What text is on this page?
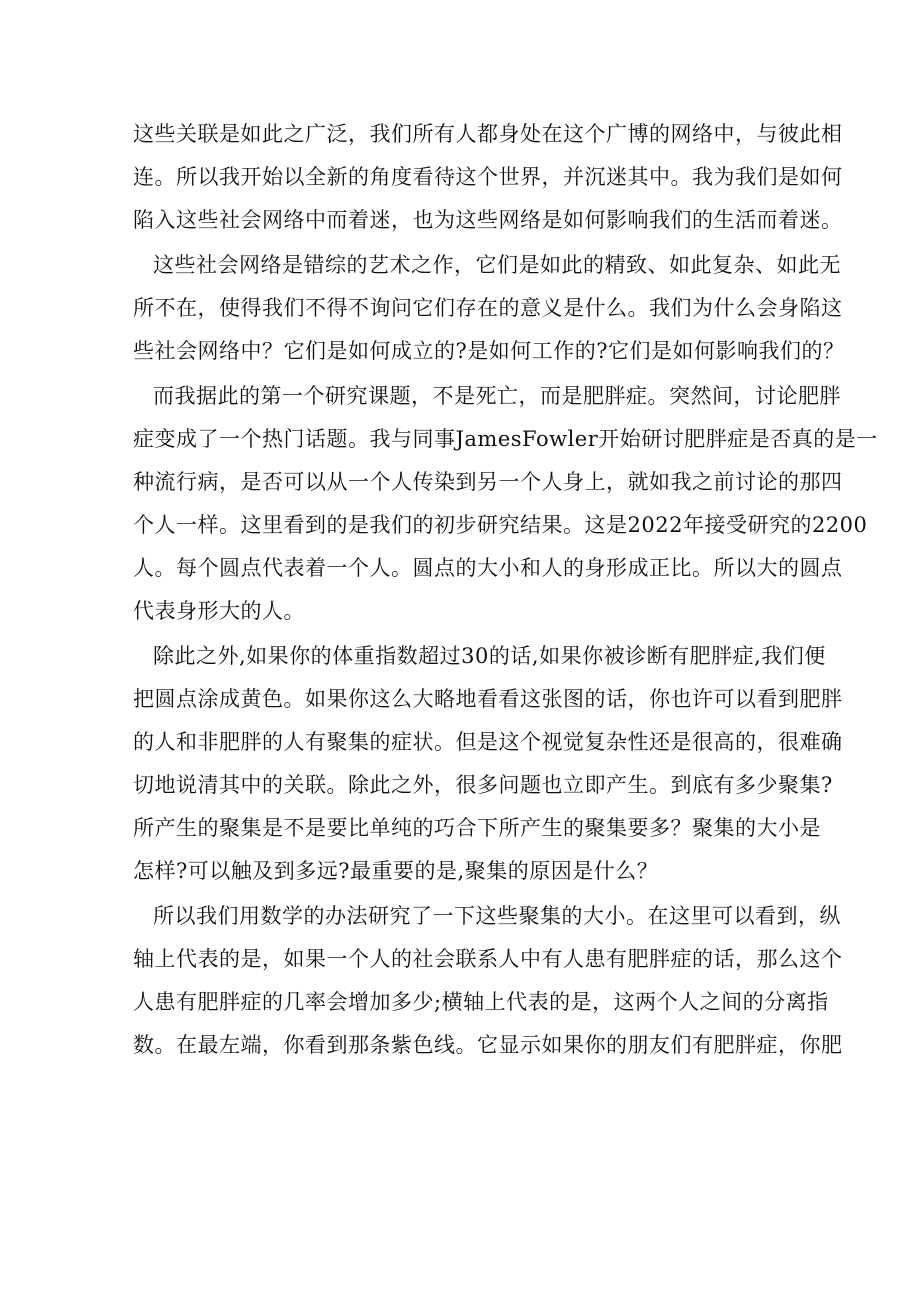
这些关联是如此之广泛，我们所有人都身处在这个广博的网络中，与彼此相
连。所以我开始以全新的角度看待这个世界，并沉迷其中。我为我们是如何
陷入这些社会网络中而着迷，也为这些网络是如何影响我们的生活而着迷。
这些社会网络是错综的艺术之作，它们是如此的精致、如此复杂、如此无
所不在，使得我们不得不询问它们存在的意义是什么。我们为什么会身陷这
些社会网络中？它们是如何成立的?是如何工作的?它们是如何影响我们的？
而我据此的第一个研究课题，不是死亡，而是肥胖症。突然间，讨论肥胖
症变成了一个热门话题。我与同事JamesFowler开始研讨肥胖症是否真的是一
种流行病，是否可以从一个人传染到另一个人身上，就如我之前讨论的那四
个人一样。这里看到的是我们的初步研究结果。这是2022年接受研究的2200
人。每个圆点代表着一个人。圆点的大小和人的身形成正比。所以大的圆点
代表身形大的人。
除此之外,如果你的体重指数超过30的话,如果你被诊断有肥胖症,我们便
把圆点涂成黄色。如果你这么大略地看看这张图的话，你也许可以看到肥胖
的人和非肥胖的人有聚集的症状。但是这个视觉复杂性还是很高的，很难确
切地说清其中的关联。除此之外，很多问题也立即产生。到底有多少聚集?
所产生的聚集是不是要比单纯的巧合下所产生的聚集要多？聚集的大小是
怎样?可以触及到多远?最重要的是,聚集的原因是什么？
所以我们用数学的办法研究了一下这些聚集的大小。在这里可以看到，纵
轴上代表的是，如果一个人的社会联系人中有人患有肥胖症的话，那么这个
人患有肥胖症的几率会增加多少;横轴上代表的是，这两个人之间的分离指
数。在最左端，你看到那条紫色线。它显示如果你的朋友们有肥胖症，你肥
